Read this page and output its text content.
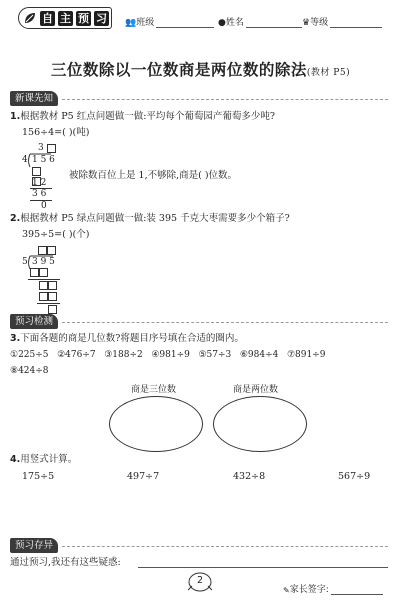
自 主 预 习 👥 班级	● 姓名	♛ 等级
三位数除以一位数商是两位数的除法(教材 P5)
新课先知
1.根据教材 P5 红点问题做一做:平均每个葡萄园产葡萄多少吨?
156÷4=( )(吨)
3
4 1 5 6
1 2
3 6
0
被除数百位上是 1,不够除,商是( )位数。
2.根据教材 P5 绿点问题做一做:装 395 千克大枣需要多少个箱子?
395÷5=( )(个)
5 3 9 5
预习检测
3.下面各题的商是几位数?将题目序号填在合适的圈内。
①225÷5 ②476÷7 ③188÷2 ④981÷9 ⑤57÷3 ⑥984÷4 ⑦891÷9
⑧424÷8
商是三位数	商是两位数
4.用竖式计算。
175÷5	497÷7	432÷8	567÷9
预习存异
通过预习,我还有这些疑惑:
2
✎ 家长签字:
